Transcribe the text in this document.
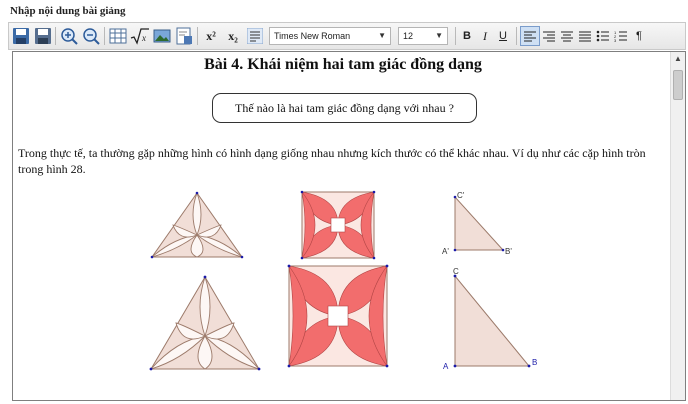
Nhập nội dung bài giảng
x	x²	x₂	Times New Roman	▼	12	▼	B	I	U	1
2
3	¶
Bài 4. Khái niệm hai tam giác đồng dạng
Thế nào là hai tam giác đồng dạng với nhau ?
Trong thực tế, ta thường gặp những hình có hình dạng giống nhau nhưng kích thước có thể khác nhau. Ví dụ như các cặp hình tròn trong hình 28.
C'
A'	B'
C
A	B
▲
